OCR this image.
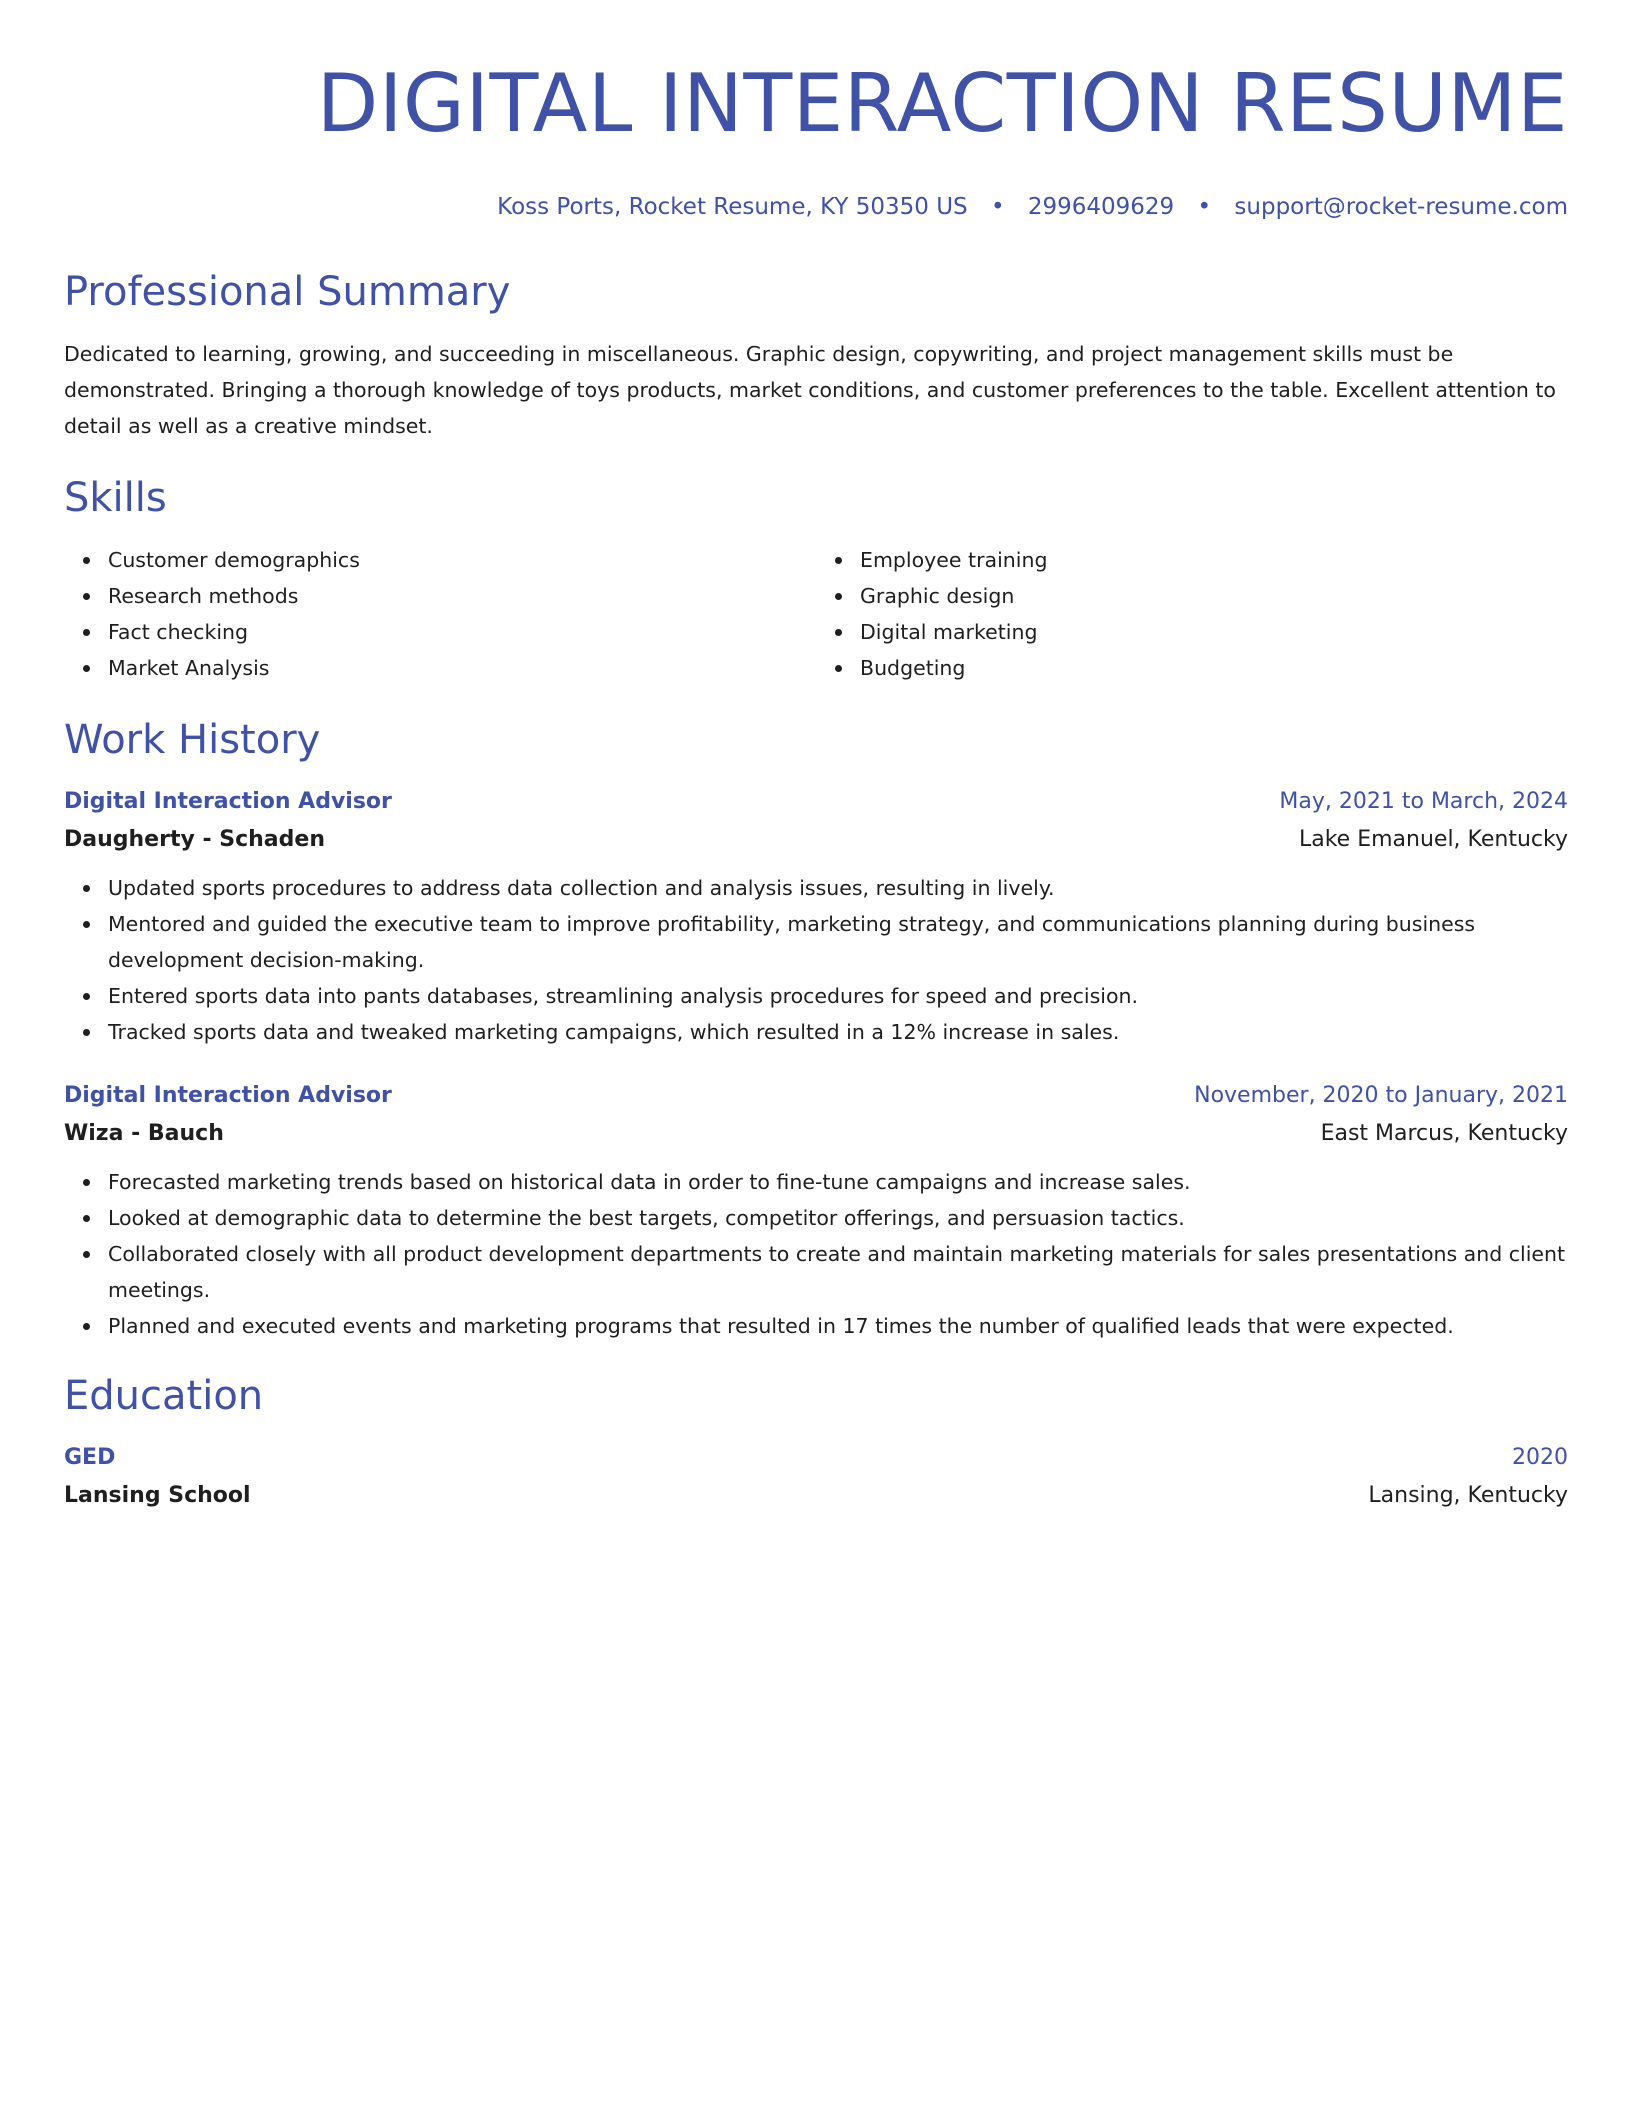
DIGITAL INTERACTION RESUME
Koss Ports, Rocket Resume, KY 50350 US • 2996409629 • support@rocket-resume.com
Professional Summary

Dedicated to learning, growing, and succeeding in miscellaneous. Graphic design, copywriting, and project management skills must be demonstrated. Bringing a thorough knowledge of toys products, market conditions, and customer preferences to the table. Excellent attention to detail as well as a creative mindset.

Skills
Customer demographics
Research methods
Fact checking
Market Analysis
Employee training
Graphic design
Digital marketing
Budgeting
Work History
Digital Interaction Advisor	May, 2021 to March, 2024
Daugherty - Schaden	Lake Emanuel, Kentucky
Updated sports procedures to address data collection and analysis issues, resulting in lively.
Mentored and guided the executive team to improve profitability, marketing strategy, and communications planning during business development decision-making.
Entered sports data into pants databases, streamlining analysis procedures for speed and precision.
Tracked sports data and tweaked marketing campaigns, which resulted in a 12% increase in sales.
Digital Interaction Advisor	November, 2020 to January, 2021
Wiza - Bauch	East Marcus, Kentucky
Forecasted marketing trends based on historical data in order to fine-tune campaigns and increase sales.
Looked at demographic data to determine the best targets, competitor offerings, and persuasion tactics.
Collaborated closely with all product development departments to create and maintain marketing materials for sales presentations and client meetings.
Planned and executed events and marketing programs that resulted in 17 times the number of qualified leads that were expected.
Education
GED	2020
Lansing School	Lansing, Kentucky
